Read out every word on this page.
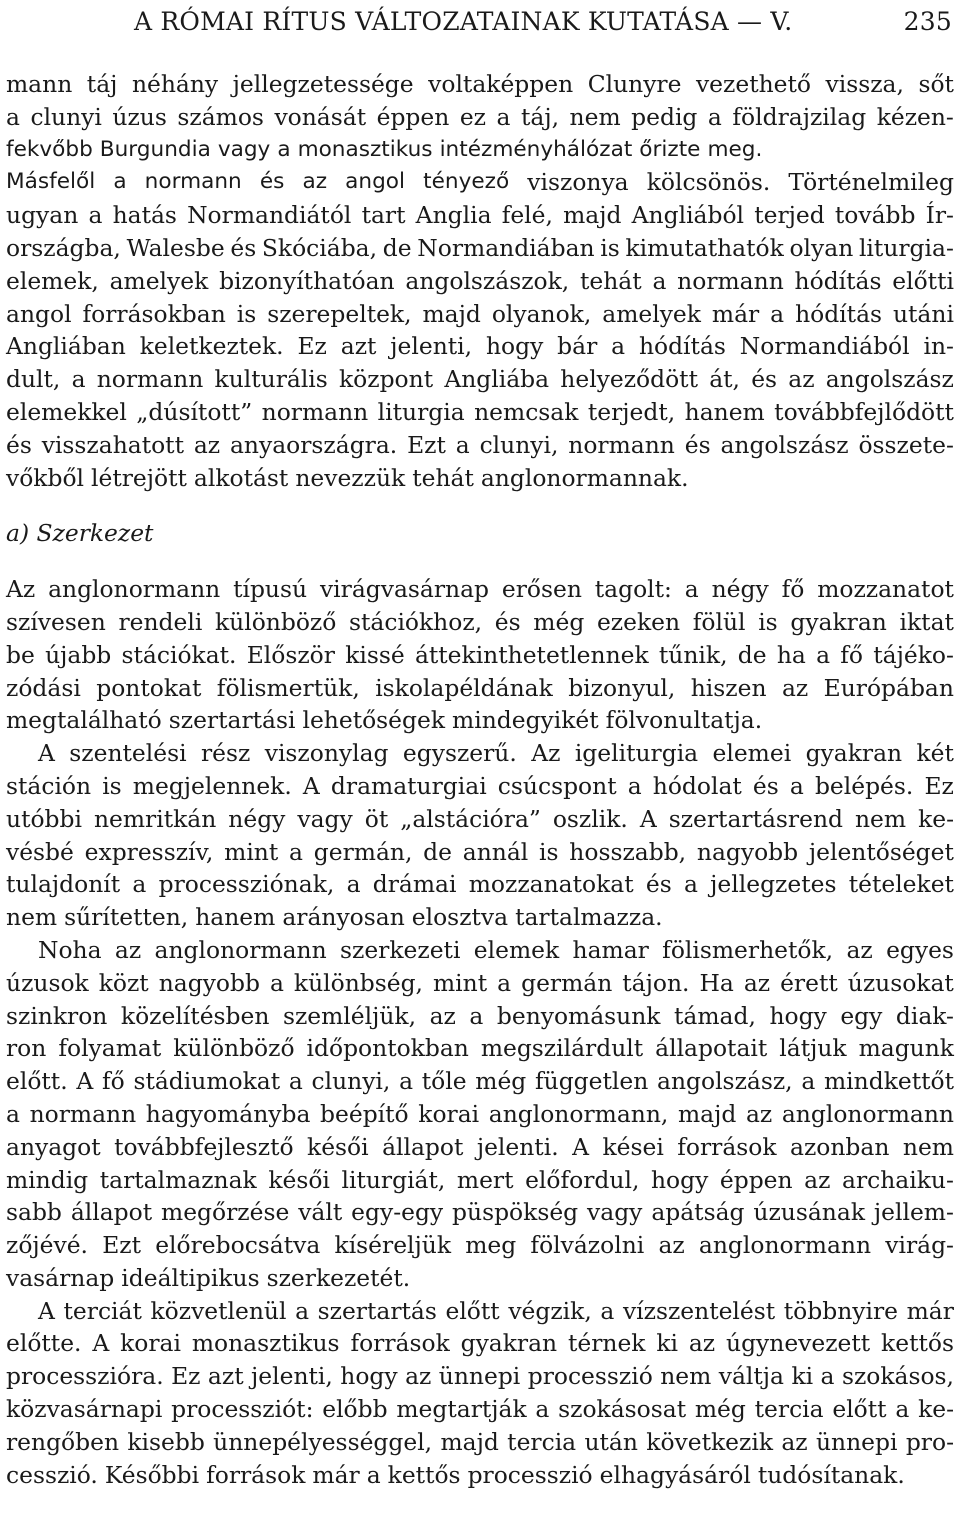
A RÓMAI RÍTUS VÁLTOZATAINAK KUTATÁSA — V.	235
mann táj néhány jellegzetessége voltaképpen Clunyre vezethető vissza, sőt
a clunyi úzus számos vonását éppen ez a táj, nem pedig a földrajzilag kézen-
fekvőbb Burgundia vagy a monasztikus intézményhálózat őrizte meg.
Másfelől a normann és az angol tényező viszonya kölcsönös. Történelmileg
ugyan a hatás Normandiától tart Anglia felé, majd Angliából terjed tovább Ír-
országba, Walesbe és Skóciába, de Normandiában is kimutathatók olyan liturgia-
elemek, amelyek bizonyíthatóan angolszászok, tehát a normann hódítás előtti
angol forrásokban is szerepeltek, majd olyanok, amelyek már a hódítás utáni
Angliában keletkeztek. Ez azt jelenti, hogy bár a hódítás Normandiából in-
dult, a normann kulturális központ Angliába helyeződött át, és az angolszász
elemekkel „dúsított” normann liturgia nemcsak terjedt, hanem továbbfejlődött
és visszahatott az anyaországra. Ezt a clunyi, normann és angolszász összete-
vőkből létrejött alkotást nevezzük tehát anglonormannak.
a) Szerkezet
Az anglonormann típusú virágvasárnap erősen tagolt: a négy fő mozzanatot
szívesen rendeli különböző stációkhoz, és még ezeken fölül is gyakran iktat
be újabb stációkat. Először kissé áttekinthetetlennek tűnik, de ha a fő tájéko-
zódási pontokat fölismertük, iskolapéldának bizonyul, hiszen az Európában
megtalálható szertartási lehetőségek mindegyikét fölvonultatja.
A szentelési rész viszonylag egyszerű. Az igeliturgia elemei gyakran két
stáción is megjelennek. A dramaturgiai csúcspont a hódolat és a belépés. Ez
utóbbi nemritkán négy vagy öt „alstációra” oszlik. A szertartásrend nem ke-
vésbé expresszív, mint a germán, de annál is hosszabb, nagyobb jelentőséget
tulajdonít a processziónak, a drámai mozzanatokat és a jellegzetes tételeket
nem sűrítetten, hanem arányosan elosztva tartalmazza.
Noha az anglonormann szerkezeti elemek hamar fölismerhetők, az egyes
úzusok közt nagyobb a különbség, mint a germán tájon. Ha az érett úzusokat
szinkron közelítésben szemléljük, az a benyomásunk támad, hogy egy diak-
ron folyamat különböző időpontokban megszilárdult állapotait látjuk magunk
előtt. A fő stádiumokat a clunyi, a tőle még független angolszász, a mindkettőt
a normann hagyományba beépítő korai anglonormann, majd az anglonormann
anyagot továbbfejlesztő késői állapot jelenti. A kései források azonban nem
mindig tartalmaznak késői liturgiát, mert előfordul, hogy éppen az archaiku-
sabb állapot megőrzése vált egy-egy püspökség vagy apátság úzusának jellem-
zőjévé. Ezt előrebocsátva kíséreljük meg fölvázolni az anglonormann virág-
vasárnap ideáltipikus szerkezetét.
A terciát közvetlenül a szertartás előtt végzik, a vízszentelést többnyire már
előtte. A korai monasztikus források gyakran térnek ki az úgynevezett kettős
processzióra. Ez azt jelenti, hogy az ünnepi processzió nem váltja ki a szokásos,
közvasárnapi processziót: előbb megtartják a szokásosat még tercia előtt a ke-
rengőben kisebb ünnepélyességgel, majd tercia után következik az ünnepi pro-
cesszió. Későbbi források már a kettős processzió elhagyásáról tudósítanak.
